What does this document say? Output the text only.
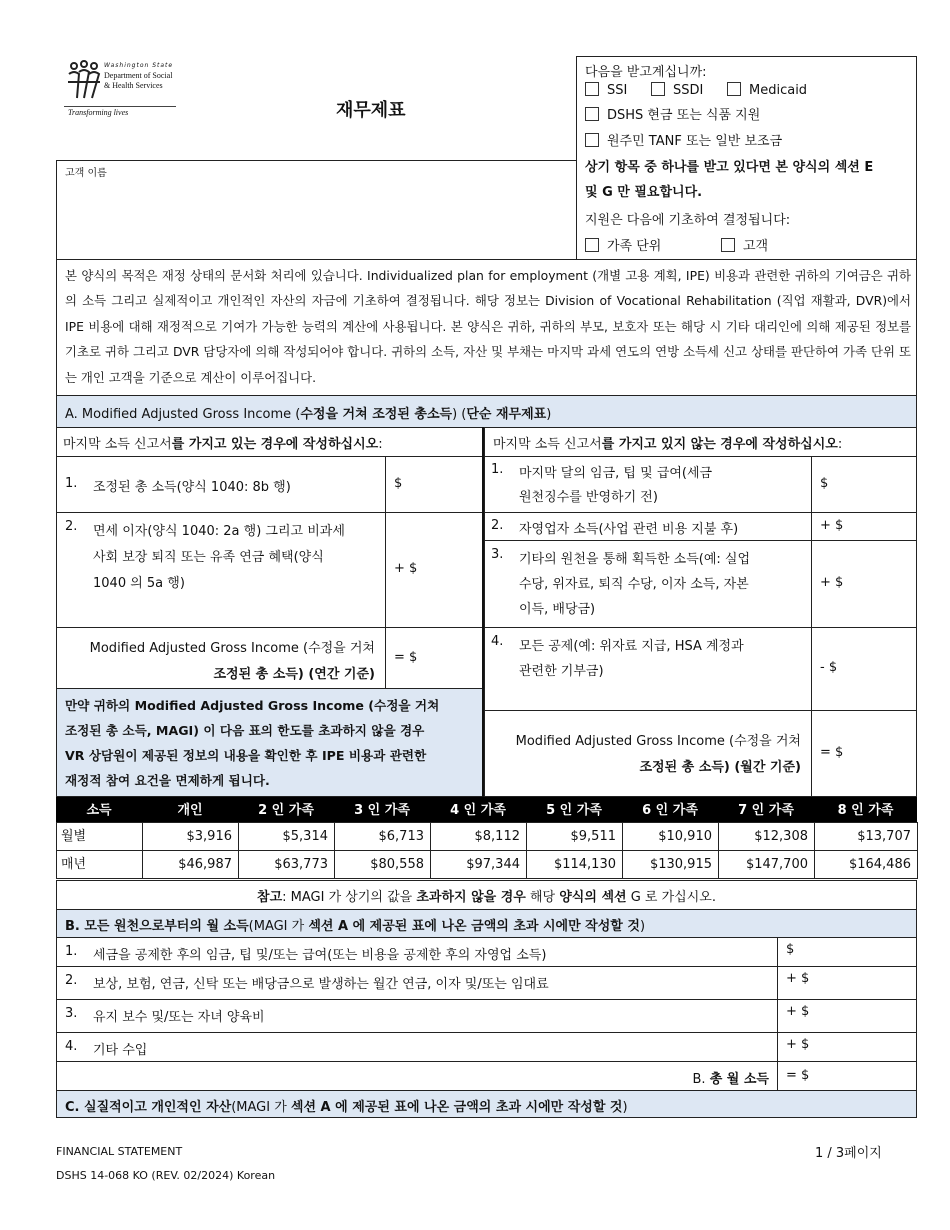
Washington State
Department of Social
& Health Services
Transforming lives	재무제표
다음을 받고계십니까:
SSI	SSDI	Medicaid
DSHS 현금 또는 식품 지원
원주민 TANF 또는 일반 보조금
상기 항목 중 하나를 받고 있다면 본 양식의 섹션 E
및 G 만 필요합니다.
지원은 다음에 기초하여 결정됩니다:
가족 단위	고객
고객 이름
본 양식의 목적은 재정 상태의 문서화 처리에 있습니다. Individualized plan for employment (개별 고용 계획, IPE) 비용과 관련한 귀하의 기여금은 귀하의 소득 그리고 실제적이고 개인적인 자산의 자금에 기초하여 결정됩니다. 해당 정보는 Division of Vocational Rehabilitation (직업 재활과, DVR)에서 IPE 비용에 대해 재정적으로 기여가 가능한 능력의 계산에 사용됩니다. 본 양식은 귀하, 귀하의 부모, 보호자 또는 해당 시 기타 대리인에 의해 제공된 정보를 기초로 귀하 그리고 DVR 담당자에 의해 작성되어야 합니다. 귀하의 소득, 자산 및 부채는 마지막 과세 연도의 연방 소득세 신고 상태를 판단하여 가족 단위 또는 개인 고객을 기준으로 계산이 이루어집니다.
A. Modified Adjusted Gross Income (수정을 거쳐 조정된 총소득) (단순 재무제표)
마지막 소득 신고서를 가지고 있는 경우에 작성하십시오:
1. 조정된 총 소득(양식 1040: 8b 행)	$
2. 면세 이자(양식 1040: 2a 행) 그리고 비과세
사회 보장 퇴직 또는 유족 연금 혜택(양식
1040 의 5a 행)
+ $
Modified Adjusted Gross Income (수정을 거쳐
조정된 총 소득) (연간 기준)
= $
만약 귀하의 Modified Adjusted Gross Income (수정을 거쳐
조정된 총 소득, MAGI) 이 다음 표의 한도를 초과하지 않을 경우
VR 상담원이 제공된 정보의 내용을 확인한 후 IPE 비용과 관련한
재정적 참여 요건을 면제하게 됩니다.
마지막 소득 신고서를 가지고 있지 않는 경우에 작성하십시오:
1. 마지막 달의 임금, 팁 및 급여(세금
원천징수를 반영하기 전)
$
2. 자영업자 소득(사업 관련 비용 지불 후)	+ $
3. 기타의 원천을 통해 획득한 소득(예: 실업
수당, 위자료, 퇴직 수당, 이자 소득, 자본
이득, 배당금)
+ $
4. 모든 공제(예: 위자료 지급, HSA 계정과
관련한 기부금)	- $
Modified Adjusted Gross Income (수정을 거쳐
조정된 총 소득) (월간 기준)
= $
소득	개인	2 인 가족	3 인 가족	4 인 가족	5 인 가족	6 인 가족	7 인 가족	8 인 가족
월별	$3,916	$5,314	$6,713	$8,112	$9,511	$10,910	$12,308	$13,707
매년	$46,987	$63,773	$80,558	$97,344	$114,130	$130,915	$147,700	$164,486
참고: MAGI 가 상기의 값을 초과하지 않을 경우 해당 양식의 섹션 G 로 가십시오.
B. 모든 원천으로부터의 월 소득(MAGI 가 섹션 A 에 제공된 표에 나온 금액의 초과 시에만 작성할 것)
1. 세금을 공제한 후의 임금, 팁 및/또는 급여(또는 비용을 공제한 후의 자영업 소득)	$
2. 보상, 보험, 연금, 신탁 또는 배당금으로 발생하는 월간 연금, 이자 및/또는 임대료	+ $
3. 유지 보수 및/또는 자녀 양육비	+ $
4. 기타 수입	+ $
B. 총 월 소득 = $
C. 실질적이고 개인적인 자산(MAGI 가 섹션 A 에 제공된 표에 나온 금액의 초과 시에만 작성할 것)
FINANCIAL STATEMENT
DSHS 14-068 KO (REV. 02/2024) Korean
1 / 3페이지
